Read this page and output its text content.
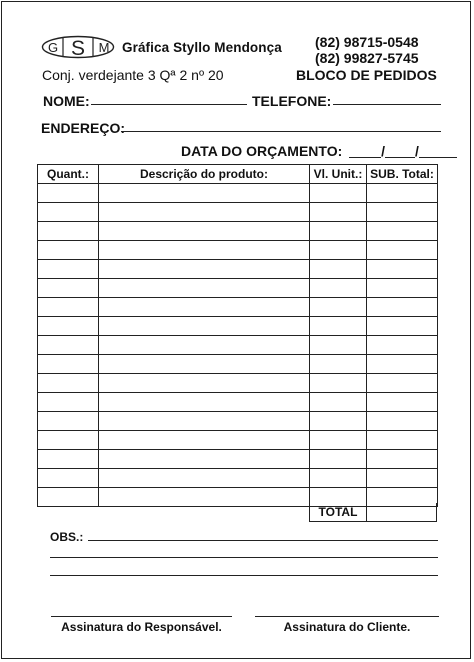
G S M Gráfica Styllo Mendonça (82) 98715-0548
(82) 99827-5745
Conj. verdejante 3 Qª 2 nº 20	BLOCO DE PEDIDOS
NOME:	TELEFONE:
ENDEREÇO:
DATA DO ORÇAMENTO:	/ /
Quant.:	Descrição do produto:	Vl. Unit.:	SUB. Total:

TOTAL
OBS.:
Assinatura do Responsável.	Assinatura do Cliente.
